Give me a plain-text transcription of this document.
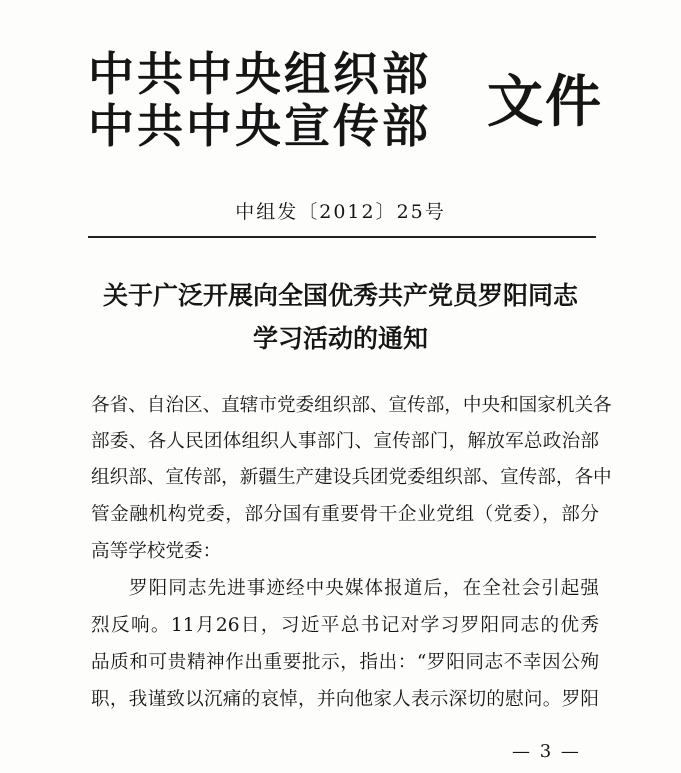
中共中央组织部
中共中央宣传部	文件
中组发〔2012〕25号
关于广泛开展向全国优秀共产党员罗阳同志
学习活动的通知
各省、自治区、直辖市党委组织部、宣传部，中央和国家机关各
部委、各人民团体组织人事部门、宣传部门，解放军总政治部
组织部、宣传部，新疆生产建设兵团党委组织部、宣传部，各中
管金融机构党委，部分国有重要骨干企业党组（党委），部分
高等学校党委：
罗阳同志先进事迹经中央媒体报道后，在全社会引起强
烈反响。11月26日，习近平总书记对学习罗阳同志的优秀
品质和可贵精神作出重要批示，指出：“罗阳同志不幸因公殉
职，我谨致以沉痛的哀悼，并向他家人表示深切的慰问。罗阳
— 3 —
